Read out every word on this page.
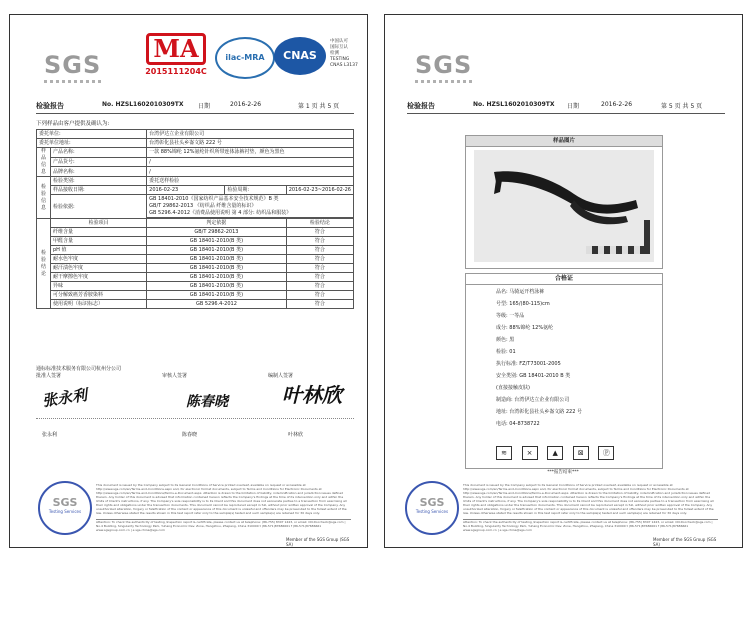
SGS
MA
2015111204C
ilac-MRA	CNAS
中国认可
国际互认
检测
TESTING
CNAS L3137
检验报告	No. HZSL1602010309TX 日期	2016-2-26	第 1 页 共 5 页
下列样品由客户提供及确认为:
委托单位:		台湾伊达立企业有限公司		
委托单位地址:		台湾彰化县社头乡崙文路 222 号		
样品信息	产品名称:	一款 88%锦纶 12%氨纶针织所带连体泳裤衬垫，颜色为黑色		
	产品货号:	/		
	品牌名称:	/		
检验信息	检验类别:	委托送样检验		
	样品接收日期:	2016-02-23	检验周期:	2016-02-23~2016-02-26
	检验依据:	GB 18401-2010《国家纺织产品基本安全技术规范》B 类
GB/T 29862-2013 《纺织品 纤维含量的标识》
GB 5296.4-2012《消费品使用说明 第 4 部分: 纺织品和服装》		

检验结论	检验项目	判定依据		检验结论
	纤维含量	GB/T 29862-2013		符合
	甲醛含量	GB 18401-2010(B 类)		符合
	pH 值	GB 18401-2010(B 类)		符合
	耐水色牢度	GB 18401-2010(B 类)		符合
	耐汗渍色牢度	GB 18401-2010(B 类)		符合
	耐干摩擦色牢度	GB 18401-2010(B 类)		符合
	异味	GB 18401-2010(B 类)		符合
	可分解致癌芳香胺染料	GB 18401-2010(B 类)		符合
	使用说明（标识标志）	GB 5296.4-2012		符合
通标标准技术服务有限公司杭州分公司
批准人签署	审核人签署	编制人签署
张永利	陈春晓	叶林欣
张永利	陈春晓	叶林欣
SGS
Testing Services
This document is issued by the Company subject to its General Conditions of Service printed overleaf, available on request or accessible at http://www.sgs.com/en/Terms-and-Conditions.aspx and, for electronic format documents, subject to Terms and Conditions for Electronic Documents at http://www.sgs.com/en/Terms-and-Conditions/Terms-e-Document.aspx. Attention is drawn to the limitation of liability, indemnification and jurisdiction issues defined therein. Any holder of this document is advised that information contained hereon reflects the Company's findings at the time of its intervention only and within the limits of Client's instructions, if any. The Company's sole responsibility is to its Client and this document does not exonerate parties to a transaction from exercising all their rights and obligations under the transaction documents. This document cannot be reproduced except in full, without prior written approval of the Company. Any unauthorized alteration, forgery or falsification of the content or appearance of this document is unlawful and offenders may be prosecuted to the fullest extent of the law. Unless otherwise stated the results shown in this test report refer only to the sample(s) tested and such sample(s) are retained for 30 days only.
Attention: To check the authenticity of testing /inspection report & certificate, please contact us at telephone: (86-755) 8307 1443, or email: CN.Doccheck@sgs.com | No.4 Building, Singularity Technology Park, Yuhang Economic Dev. Zone, Hangzhou, Zhejiang, China 310000 t (86-571)87686661 f (86-571)87686661 www.sgsgroup.com.cn | e sgs.china@sgs.com
Member of the SGS Group (SGS SA)
SGS
检验报告	No. HZSL1602010309TX 日期	2016-2-26	第 5 页 共 5 页
样品图片
合格证
品名: 马骑运开档泳裤
号型: 165/(80-115)cm
等级: 一等品
成分: 88%锦纶 12%氨纶
颜色: 黑
检验: 01
执行标准: FZ/T73001-2005
安全类别: GB 18401-2010 B 类
(直接接触皮肤)
制造商: 台湾伊达立企业有限公司
地址: 台湾彰化县社头乡崙文路 222 号
电话: 04-8738722
≋	⨯	▲	⊠	Ⓟ
***报告结束***
SGS
Testing Services
This document is issued by the Company subject to its General Conditions of Service printed overleaf, available on request or accessible at http://www.sgs.com/en/Terms-and-Conditions.aspx and, for electronic format documents, subject to Terms and Conditions for Electronic Documents at http://www.sgs.com/en/Terms-and-Conditions/Terms-e-Document.aspx. Attention is drawn to the limitation of liability, indemnification and jurisdiction issues defined therein. Any holder of this document is advised that information contained hereon reflects the Company's findings at the time of its intervention only and within the limits of Client's instructions, if any. The Company's sole responsibility is to its Client and this document does not exonerate parties to a transaction from exercising all their rights and obligations under the transaction documents. This document cannot be reproduced except in full, without prior written approval of the Company. Any unauthorized alteration, forgery or falsification of the content or appearance of this document is unlawful and offenders may be prosecuted to the fullest extent of the law. Unless otherwise stated the results shown in this test report refer only to the sample(s) tested and such sample(s) are retained for 30 days only.
Attention: To check the authenticity of testing /inspection report & certificate, please contact us at telephone: (86-755) 8307 1443, or email: CN.Doccheck@sgs.com | No.4 Building, Singularity Technology Park, Yuhang Economic Dev. Zone, Hangzhou, Zhejiang, China 310000 t (86-571)87686661 f (86-571)87686661 www.sgsgroup.com.cn | e sgs.china@sgs.com
Member of the SGS Group (SGS SA)
